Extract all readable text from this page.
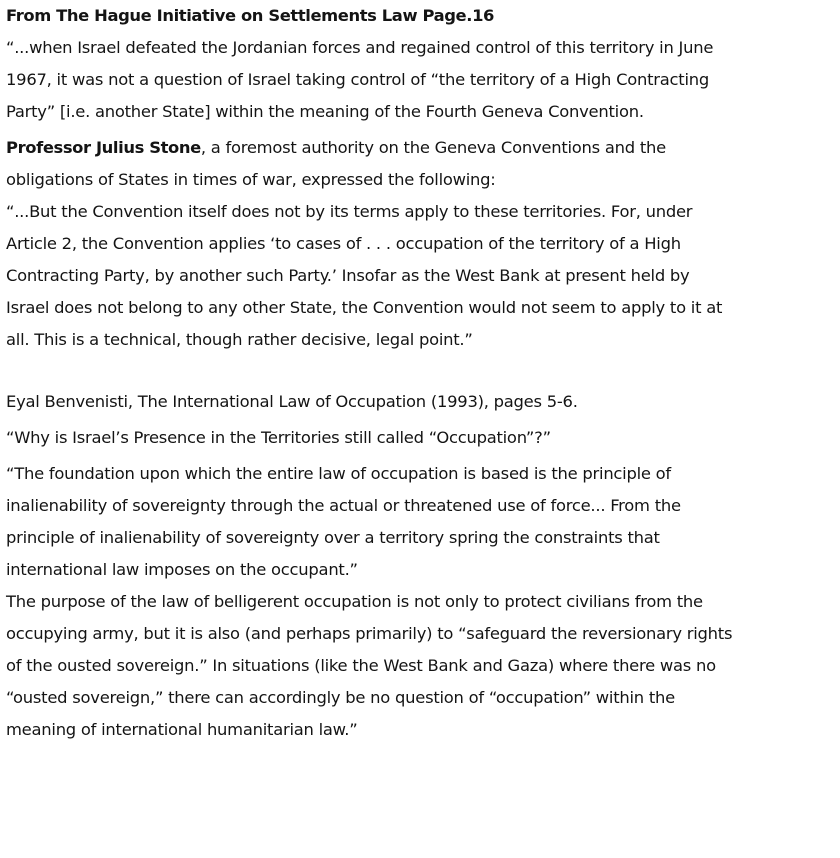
From The Hague Initiative on Settlements Law Page.16
“...when Israel defeated the Jordanian forces and regained control of this territory in June
1967, it was not a question of Israel taking control of “the territory of a High Contracting
Party” [i.e. another State] within the meaning of the Fourth Geneva Convention.
Professor Julius Stone, a foremost authority on the Geneva Conventions and the
obligations of States in times of war, expressed the following:
“...But the Convention itself does not by its terms apply to these territories. For, under
Article 2, the Convention applies ‘to cases of . . . occupation of the territory of a High
Contracting Party, by another such Party.’ Insofar as the West Bank at present held by
Israel does not belong to any other State, the Convention would not seem to apply to it at
all. This is a technical, though rather decisive, legal point.”
Eyal Benvenisti, The International Law of Occupation (1993), pages 5-6.
“Why is Israel’s Presence in the Territories still called “Occupation”?”
“The foundation upon which the entire law of occupation is based is the principle of
inalienability of sovereignty through the actual or threatened use of force... From the
principle of inalienability of sovereignty over a territory spring the constraints that
international law imposes on the occupant.”
The purpose of the law of belligerent occupation is not only to protect civilians from the
occupying army, but it is also (and perhaps primarily) to “safeguard the reversionary rights
of the ousted sovereign.” In situations (like the West Bank and Gaza) where there was no
“ousted sovereign,” there can accordingly be no question of “occupation” within the
meaning of international humanitarian law.”
